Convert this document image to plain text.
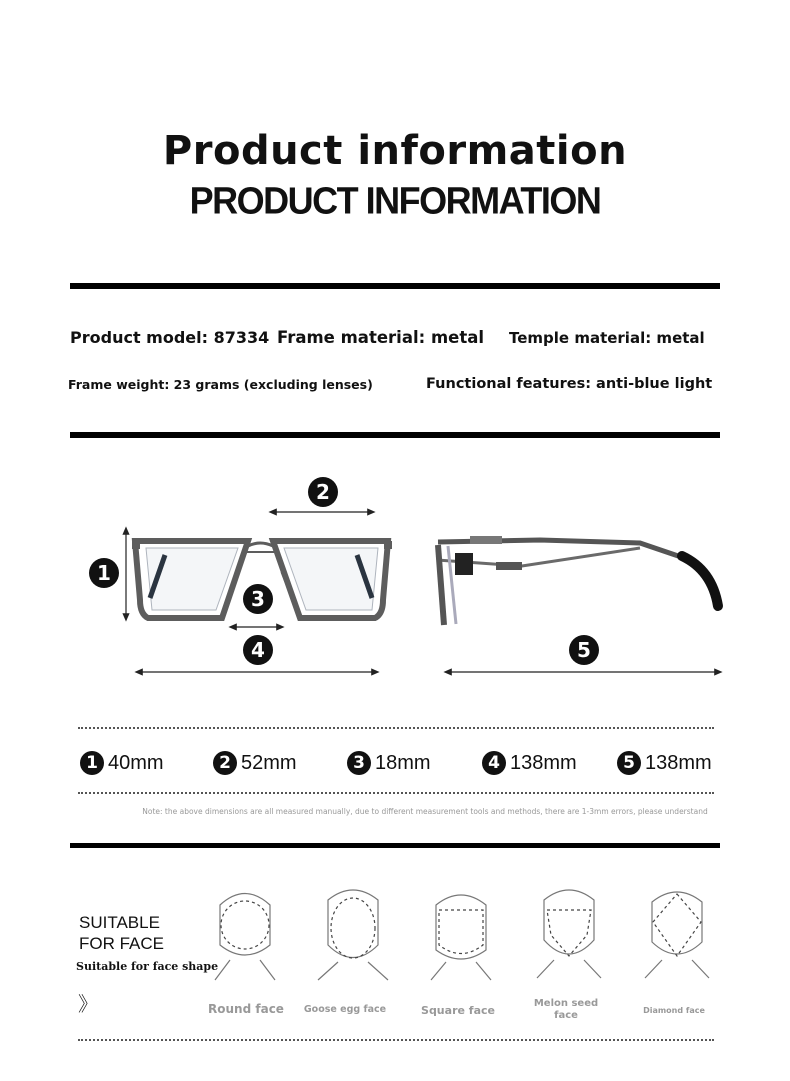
Product information
PRODUCT INFORMATION
Product model: 87334 Frame material: metal Temple material: metal
Frame weight: 23 grams (excluding lenses)	Functional features: anti-blue light
1
2
3
4	5
1 40mm	2 52mm	3 18mm	4 138mm	5 138mm
Note: the above dimensions are all measured manually, due to different measurement tools and methods, there are 1-3mm errors, please understand
SUITABLE
FOR FACE
Suitable for face shape
》	Round face	Goose egg face	Square face
Melon seed face	Diamond face
